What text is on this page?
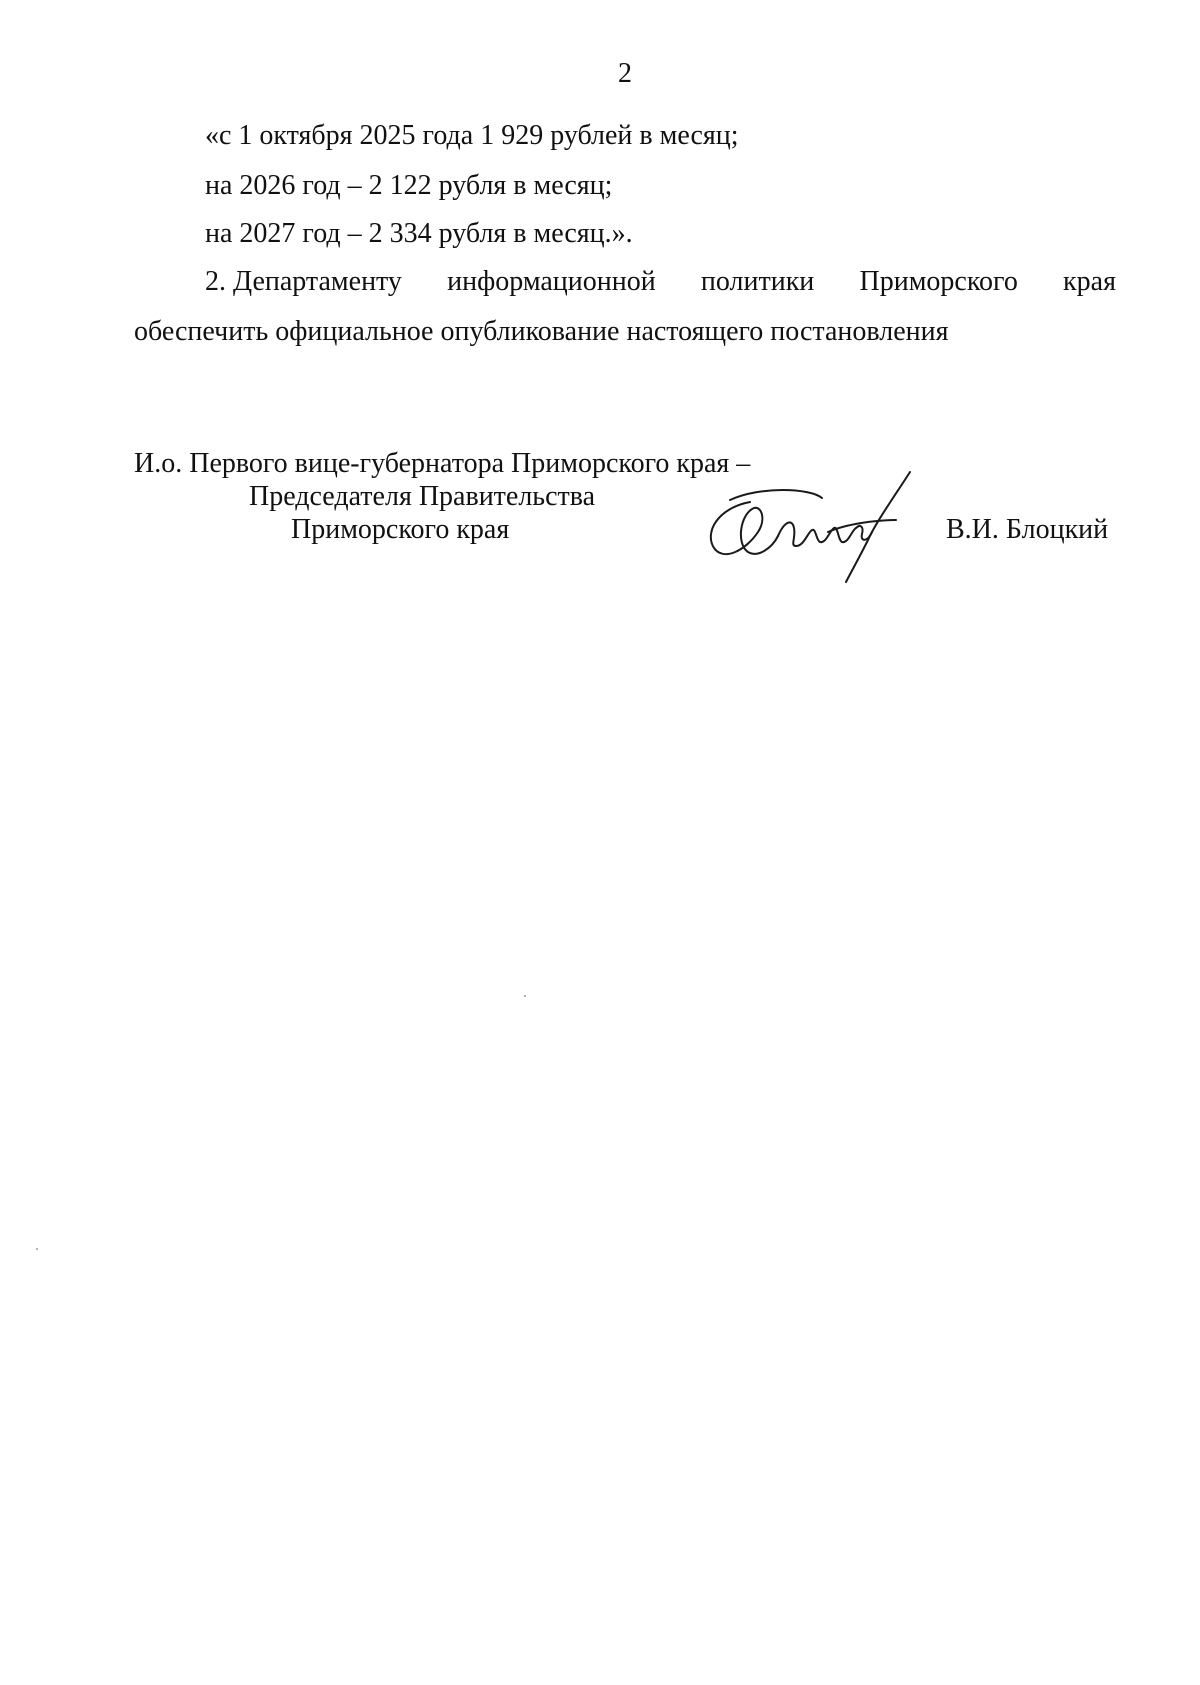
2
«с 1 октября 2025 года 1 929 рублей в месяц;
на 2026 год – 2 122 рубля в месяц;
на 2027 год – 2 334 рубля в месяц.».
2. Департаменту информационной политики Приморского края
обеспечить официальное опубликование настоящего постановления
И.о. Первого вице-губернатора Приморского края –
Председателя Правительства
Приморского края	В.И. Блоцкий
